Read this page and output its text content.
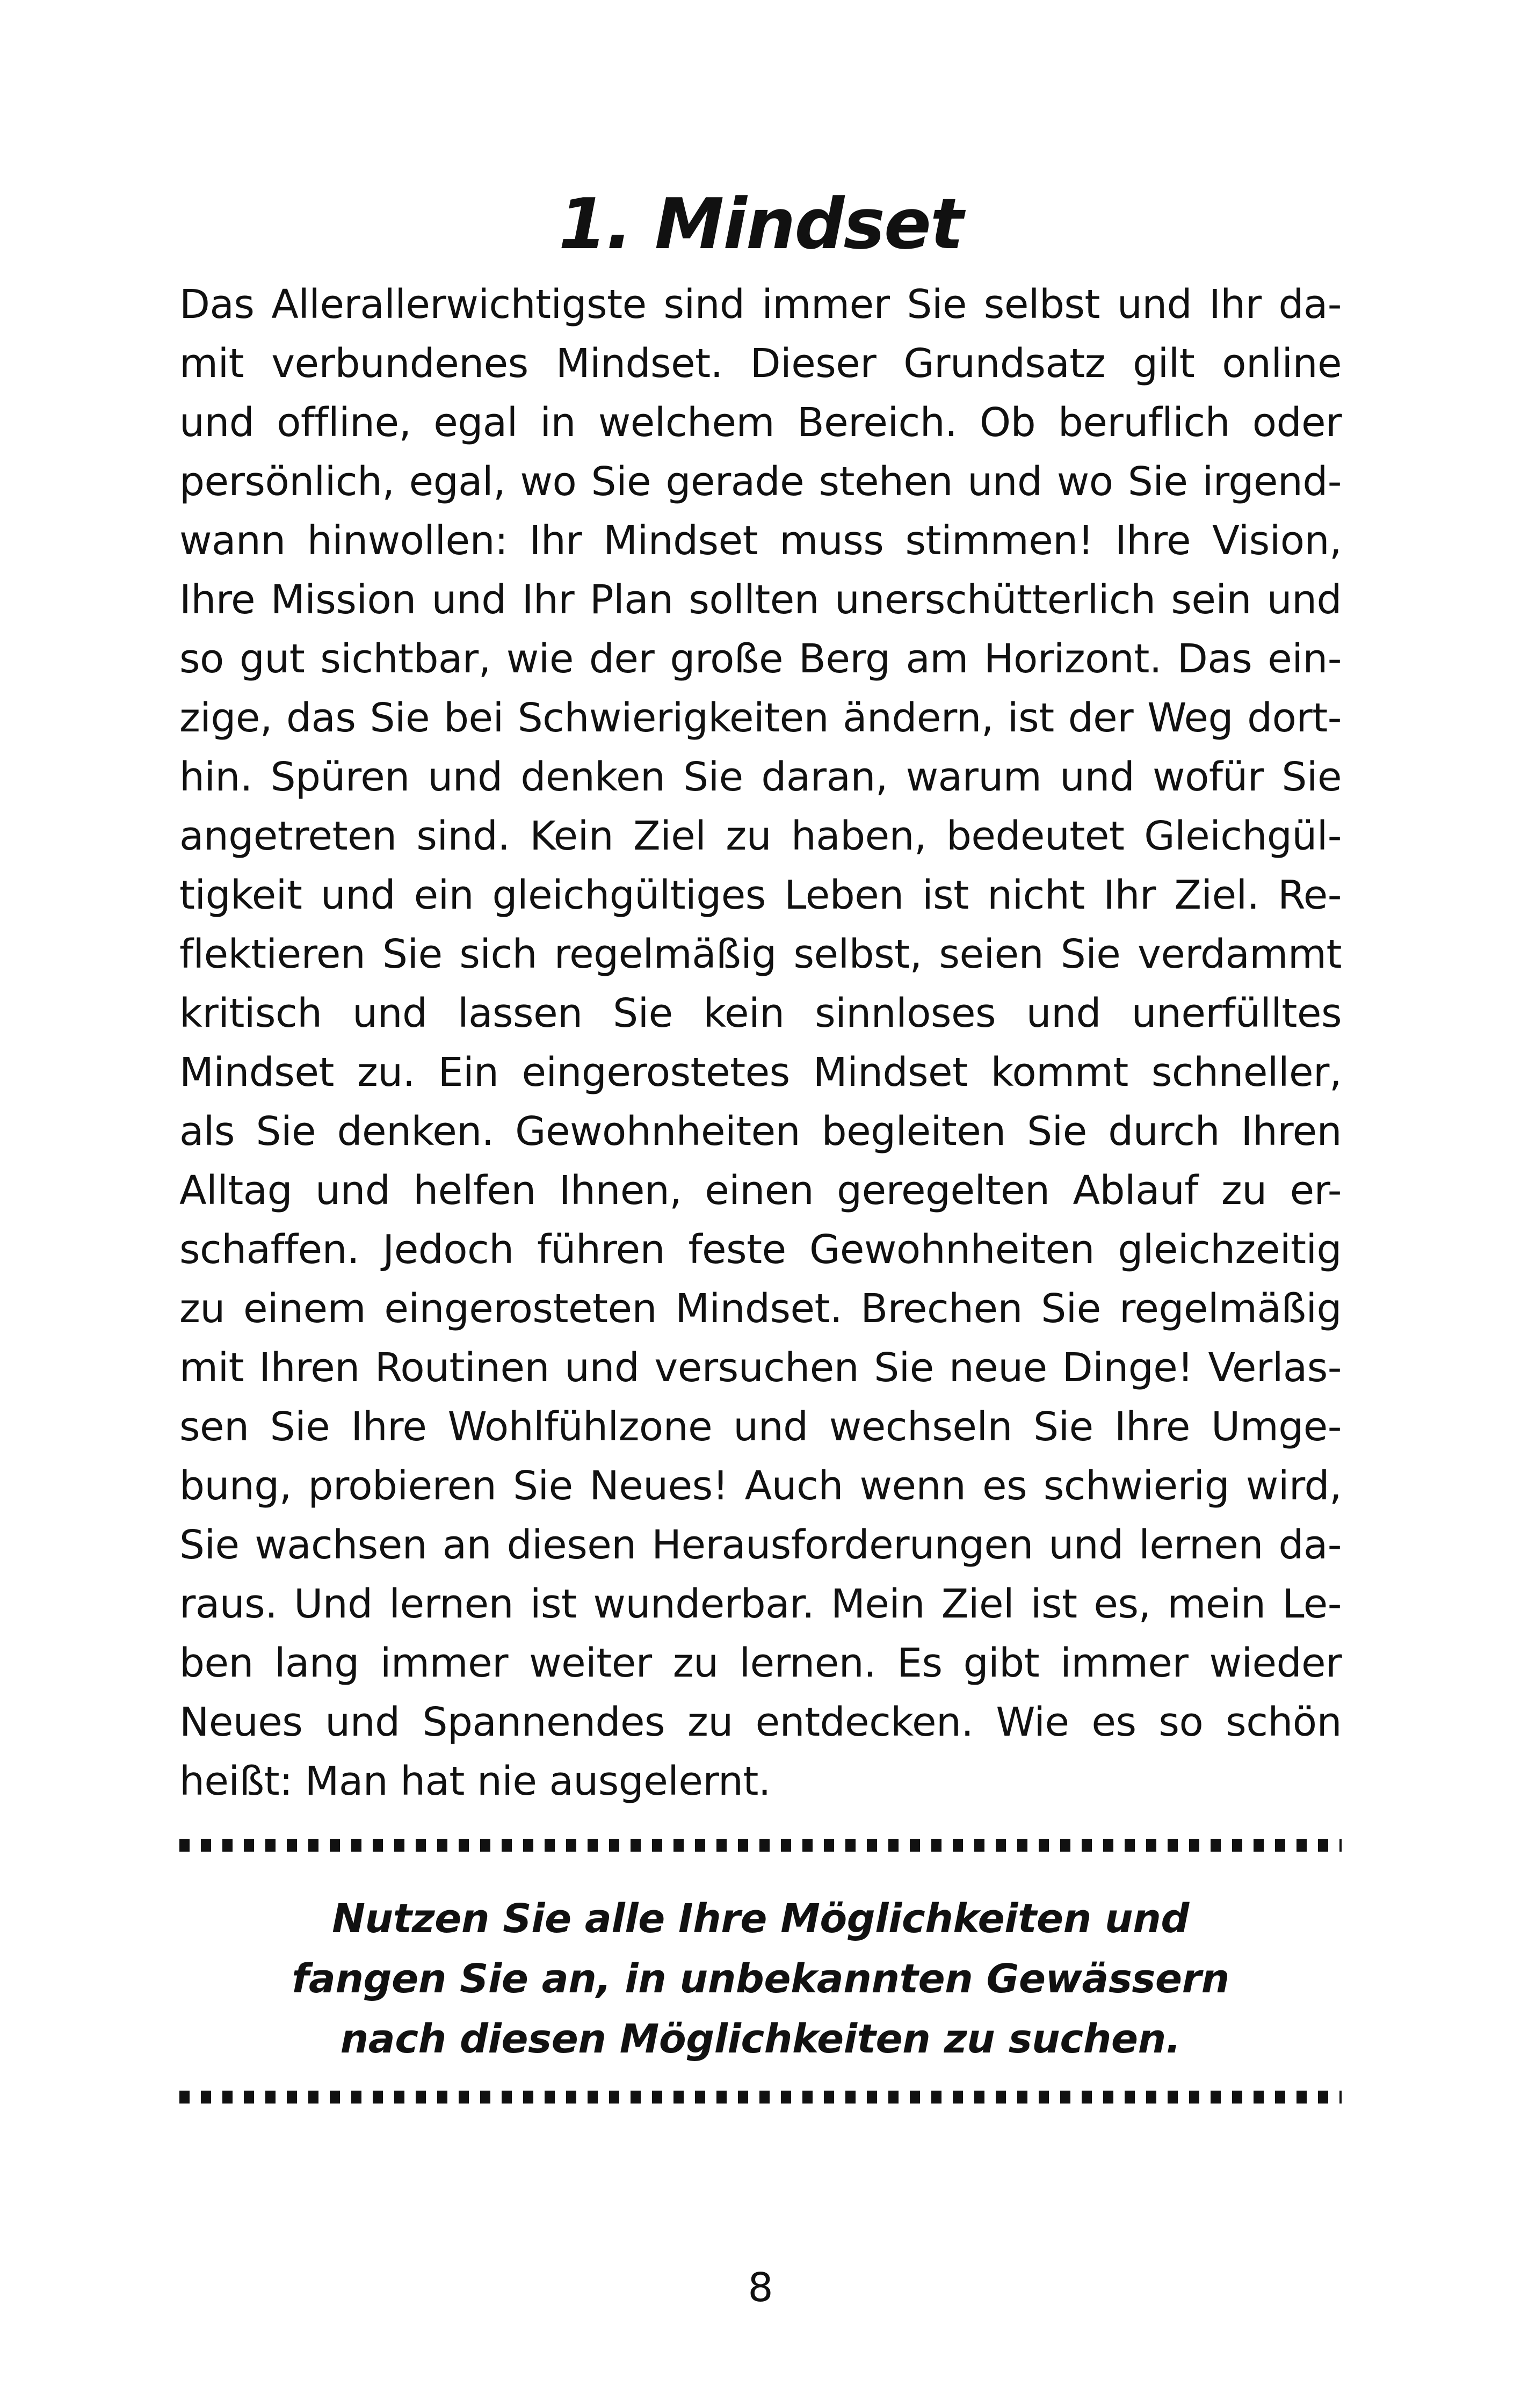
1. Mindset
Das Allerallerwichtigste sind immer Sie selbst und Ihr da-
mit verbundenes Mindset. Dieser Grundsatz gilt online
und offline, egal in welchem Bereich. Ob beruflich oder
persönlich, egal, wo Sie gerade stehen und wo Sie irgend-
wann hinwollen: Ihr Mindset muss stimmen! Ihre Vision,
Ihre Mission und Ihr Plan sollten unerschütterlich sein und
so gut sichtbar, wie der große Berg am Horizont. Das ein-
zige, das Sie bei Schwierigkeiten ändern, ist der Weg dort-
hin. Spüren und denken Sie daran, warum und wofür Sie
angetreten sind. Kein Ziel zu haben, bedeutet Gleichgül-
tigkeit und ein gleichgültiges Leben ist nicht Ihr Ziel. Re-
flektieren Sie sich regelmäßig selbst, seien Sie verdammt
kritisch und lassen Sie kein sinnloses und unerfülltes
Mindset zu. Ein eingerostetes Mindset kommt schneller,
als Sie denken. Gewohnheiten begleiten Sie durch Ihren
Alltag und helfen Ihnen, einen geregelten Ablauf zu er-
schaffen. Jedoch führen feste Gewohnheiten gleichzeitig
zu einem eingerosteten Mindset. Brechen Sie regelmäßig
mit Ihren Routinen und versuchen Sie neue Dinge! Verlas-
sen Sie Ihre Wohlfühlzone und wechseln Sie Ihre Umge-
bung, probieren Sie Neues! Auch wenn es schwierig wird,
Sie wachsen an diesen Herausforderungen und lernen da-
raus. Und lernen ist wunderbar. Mein Ziel ist es, mein Le-
ben lang immer weiter zu lernen. Es gibt immer wieder
Neues und Spannendes zu entdecken. Wie es so schön
heißt: Man hat nie ausgelernt.
Nutzen Sie alle Ihre Möglichkeiten und
fangen Sie an, in unbekannten Gewässern
nach diesen Möglichkeiten zu suchen.
8
